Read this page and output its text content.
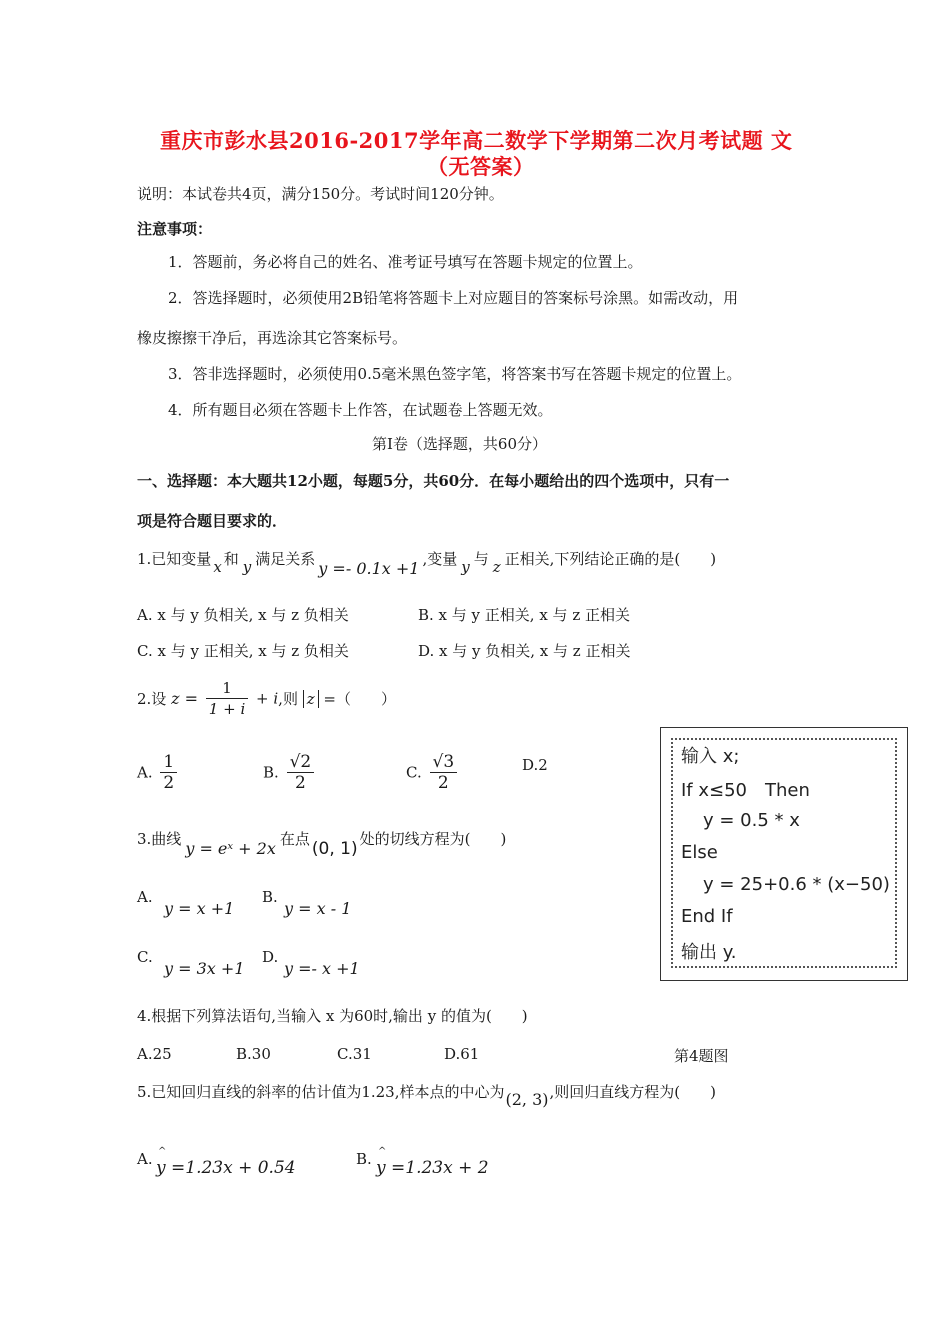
重庆市彭水县2016-2017学年高二数学下学期第二次月考试题 文
（无答案）
说明：本试卷共4页，满分150分。考试时间120分钟。
注意事项：
1．答题前，务必将自己的姓名、准考证号填写在答题卡规定的位置上。
2．答选择题时，必须使用2B铅笔将答题卡上对应题目的答案标号涂黑。如需改动，用
橡皮擦擦干净后，再选涂其它答案标号。
3．答非选择题时，必须使用0.5毫米黑色签字笔，将答案书写在答题卡规定的位置上。
4．所有题目必须在答题卡上作答，在试题卷上答题无效。
第Ⅰ卷（选择题，共60分）
一、选择题：本大题共12小题，每题5分，共60分．在每小题给出的四个选项中，只有一
项是符合题目要求的．
1.已知变量 x 和 y 满足关系 y =- 0.1x +1 ,变量 y 与 z 正相关,下列结论正确的是(　　)
A. x 与 y 负相关, x 与 z 负相关	B. x 与 y 正相关, x 与 z 正相关
C. x 与 y 正相关, x 与 z 负相关	D. x 与 y 负相关, x 与 z 正相关
2.设 $z = \frac{1}{1 + i} + i$,则 z =（　　）
A. $\frac{1}{2}$	B. $\frac{√2}{2}$	C. $\frac{√3}{2}$	D.2	输入 x;
If x≤50　Then
y = 0.5 * x
Else
y = 25+0.6 * (x−50)
End If
输出 y.
3.曲线 y = eˣ + 2x 在点 (0, 1) 处的切线方程为(　　)
A.
y = x +1
B.
y = x - 1
C.
y = 3x +1
D.
y =- x +1
4.根据下列算法语句,当输入 x 为60时,输出 y 的值为(　　)
A.25	B.30	C.31	D.61	第4题图
5.已知回归直线的斜率的估计值为1.23,样本点的中心为(2, 3),则回归直线方程为(　　)
A. y =1.23x + 0.54	B. y =1.23x + 2
^	^
